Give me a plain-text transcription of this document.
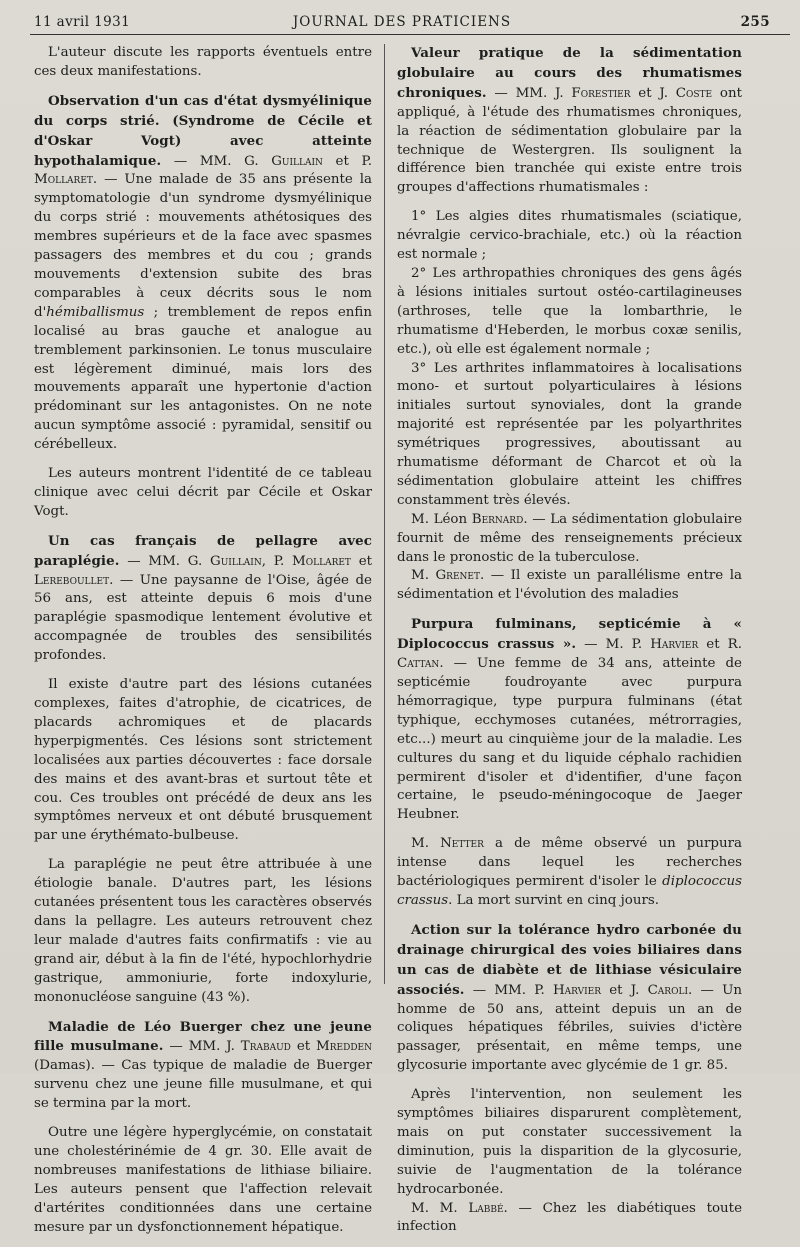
11 avril 1931	JOURNAL DES PRATICIENS	255

L'auteur discute les rapports éventuels entre ces deux manifestations.

Observation d'un cas d'état dysmyélinique du corps strié. (Syndrome de Cécile et d'Oskar Vogt) avec atteinte hypothalamique. — MM. G. Guillain et P. Mollaret. — Une malade de 35 ans présente la symptomatologie d'un syndrome dysmyélinique du corps strié : mouvements athétosiques des membres supérieurs et de la face avec spasmes passagers des membres et du cou ; grands mouvements d'extension subite des bras comparables à ceux décrits sous le nom d'hémiballismus ; tremblement de repos enfin localisé au bras gauche et analogue au tremblement parkinsonien. Le tonus musculaire est légèrement diminué, mais lors des mouvements apparaît une hypertonie d'action prédominant sur les antagonistes. On ne note aucun symptôme associé : pyramidal, sensitif ou cérébelleux.

Les auteurs montrent l'identité de ce tableau clinique avec celui décrit par Cécile et Oskar Vogt.

Un cas français de pellagre avec paraplégie. — MM. G. Guillain, P. Mollaret et Lereboullet. — Une paysanne de l'Oise, âgée de 56 ans, est atteinte depuis 6 mois d'une paraplégie spasmodique lentement évolutive et accompagnée de troubles des sensibilités profondes.

Il existe d'autre part des lésions cutanées complexes, faites d'atrophie, de cicatrices, de placards achromiques et de placards hyperpigmentés. Ces lésions sont strictement localisées aux parties découvertes : face dorsale des mains et des avant-bras et surtout tête et cou. Ces troubles ont précédé de deux ans les symptômes nerveux et ont débuté brusquement par une érythémato-bulbeuse.

La paraplégie ne peut être attribuée à une étiologie banale. D'autres part, les lésions cutanées présentent tous les caractères observés dans la pellagre. Les auteurs retrouvent chez leur malade d'autres faits confirmatifs : vie au grand air, début à la fin de l'été, hypochlorhydrie gastrique, ammoniurie, forte indoxylurie, mononucléose sanguine (43 %).

Maladie de Léo Buerger chez une jeune fille musulmane. — MM. J. Trabaud et Mredden (Damas). — Cas typique de maladie de Buerger survenu chez une jeune fille musulmane, et qui se termina par la mort.

Outre une légère hyperglycémie, on constatait une cholestérinémie de 4 gr. 30. Elle avait de nombreuses manifestations de lithiase biliaire. Les auteurs pensent que l'affection relevait d'artérites conditionnées dans une certaine mesure par un dysfonctionnement hépatique.

Valeur pratique de la sédimentation globulaire au cours des rhumatismes chroniques. — MM. J. Forestier et J. Coste ont appliqué, à l'étude des rhumatismes chroniques, la réaction de sédimentation globulaire par la technique de Westergren. Ils soulignent la différence bien tranchée qui existe entre trois groupes d'affections rhumatismales :

1° Les algies dites rhumatismales (sciatique, névralgie cervico-brachiale, etc.) où la réaction est normale ;

2° Les arthropathies chroniques des gens âgés à lésions initiales surtout ostéo-cartilagineuses (arthroses, telle que la lombarthrie, le rhumatisme d'Heberden, le morbus coxæ senilis, etc.), où elle est également normale ;

3° Les arthrites inflammatoires à localisations mono- et surtout polyarticulaires à lésions initiales surtout synoviales, dont la grande majorité est représentée par les polyarthrites symétriques progressives, aboutissant au rhumatisme déformant de Charcot et où la sédimentation globulaire atteint les chiffres constamment très élevés.

M. Léon Bernard. — La sédimentation globulaire fournit de même des renseignements précieux dans le pronostic de la tuberculose.

M. Grenet. — Il existe un parallélisme entre la sédimentation et l'évolution des maladies

Purpura fulminans, septicémie à « Diplococcus crassus ». — M. P. Harvier et R. Cattan. — Une femme de 34 ans, atteinte de septicémie foudroyante avec purpura hémorragique, type purpura fulminans (état typhique, ecchymoses cutanées, métrorragies, etc...) meurt au cinquième jour de la maladie. Les cultures du sang et du liquide céphalo rachidien permirent d'isoler et d'identifier, d'une façon certaine, le pseudo-méningocoque de Jaeger Heubner.

M. Netter a de même observé un purpura intense dans lequel les recherches bactériologiques permirent d'isoler le diplococcus crassus. La mort survint en cinq jours.

Action sur la tolérance hydro carbonée du drainage chirurgical des voies biliaires dans un cas de diabète et de lithiase vésiculaire associés. — MM. P. Harvier et J. Caroli. — Un homme de 50 ans, atteint depuis un an de coliques hépatiques fébriles, suivies d'ictère passager, présentait, en même temps, une glycosurie importante avec glycémie de 1 gr. 85.

Après l'intervention, non seulement les symptômes biliaires disparurent complètement, mais on put constater successivement la diminution, puis la disparition de la glycosurie, suivie de l'augmentation de la tolérance hydrocarbonée.

M. M. Labbé. — Chez les diabétiques toute infection
